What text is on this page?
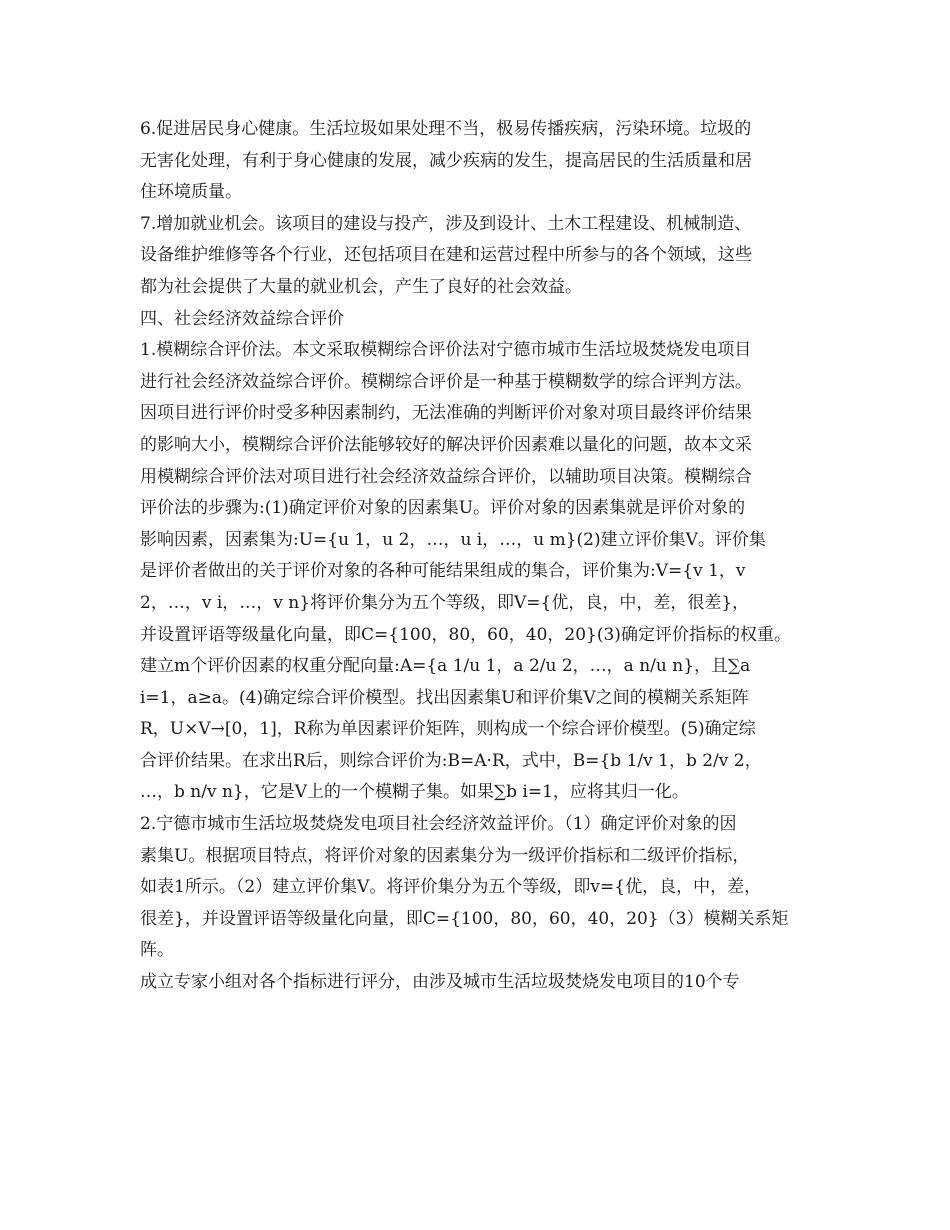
6.促进居民身心健康。生活垃圾如果处理不当，极易传播疾病，污染环境。垃圾的
无害化处理，有利于身心健康的发展，减少疾病的发生，提高居民的生活质量和居
住环境质量。
7.增加就业机会。该项目的建设与投产，涉及到设计、土木工程建设、机械制造、
设备维护维修等各个行业，还包括项目在建和运营过程中所参与的各个领域，这些
都为社会提供了大量的就业机会，产生了良好的社会效益。
四、社会经济效益综合评价
1.模糊综合评价法。本文采取模糊综合评价法对宁德市城市生活垃圾焚烧发电项目
进行社会经济效益综合评价。模糊综合评价是一种基于模糊数学的综合评判方法。
因项目进行评价时受多种因素制约，无法准确的判断评价对象对项目最终评价结果
的影响大小，模糊综合评价法能够较好的解决评价因素难以量化的问题，故本文采
用模糊综合评价法对项目进行社会经济效益综合评价，以辅助项目决策。模糊综合
评价法的步骤为:(1)确定评价对象的因素集U。评价对象的因素集就是评价对象的
影响因素，因素集为:U={u 1，u 2，…，u i，…，u m}(2)建立评价集V。评价集
是评价者做出的关于评价对象的各种可能结果组成的集合，评价集为:V={v 1，v
2，…，v i，…，v n}将评价集分为五个等级，即V={优，良，中，差，很差}，
并设置评语等级量化向量，即C={100，80，60，40，20}(3)确定评价指标的权重。
建立m个评价因素的权重分配向量:A={a 1/u 1，a 2/u 2，…，a n/u n}，且∑a
i=1，a≥a。(4)确定综合评价模型。找出因素集U和评价集V之间的模糊关系矩阵
R，U×V→[0，1]，R称为单因素评价矩阵，则构成一个综合评价模型。(5)确定综
合评价结果。在求出R后，则综合评价为:B=A·R，式中，B={b 1/v 1，b 2/v 2，
…，b n/v n}，它是V上的一个模糊子集。如果∑b i=1，应将其归一化。
2.宁德市城市生活垃圾焚烧发电项目社会经济效益评价。（1）确定评价对象的因
素集U。根据项目特点，将评价对象的因素集分为一级评价指标和二级评价指标，
如表1所示。（2）建立评价集V。将评价集分为五个等级，即v={优，良，中，差，
很差}，并设置评语等级量化向量，即C={100，80，60，40，20}（3）模糊关系矩
阵。
成立专家小组对各个指标进行评分，由涉及城市生活垃圾焚烧发电项目的10个专
